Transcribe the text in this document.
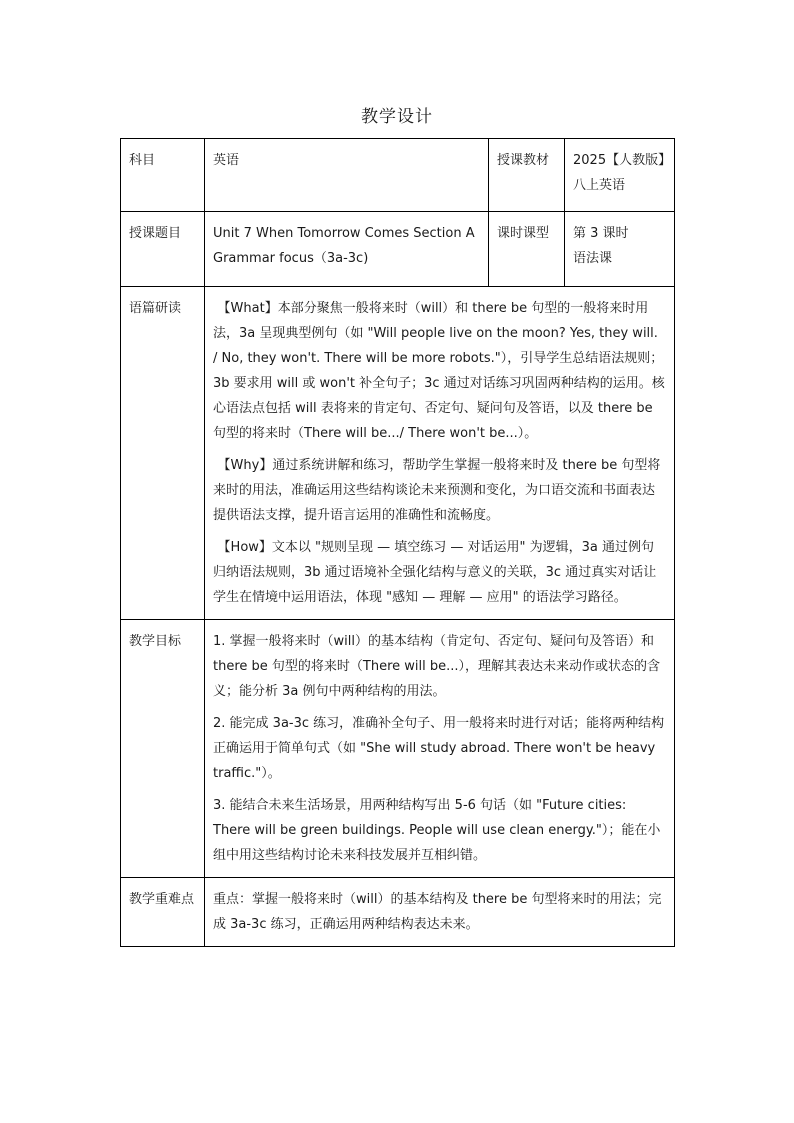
教学设计
科目	英语	授课教材	2025【人教版】八上英语
授课题目	Unit 7 When Tomorrow Comes Section A Grammar focus（3a-3c)	课时课型	第 3 课时
语法课

语篇研读	【What】本部分聚焦一般将来时（will）和 there be 句型的一般将来时用法，3a 呈现典型例句（如 "Will people live on the moon? Yes, they will. / No, they won't. There will be more robots."），引导学生总结语法规则；3b 要求用 will 或 won't 补全句子；3c 通过对话练习巩固两种结构的运用。核心语法点包括 will 表将来的肯定句、否定句、疑问句及答语，以及 there be 句型的将来时（There will be.../ There won't be...）。

【Why】通过系统讲解和练习，帮助学生掌握一般将来时及 there be 句型将来时的用法，准确运用这些结构谈论未来预测和变化，为口语交流和书面表达提供语法支撑，提升语言运用的准确性和流畅度。

【How】文本以 "规则呈现 — 填空练习 — 对话运用" 为逻辑，3a 通过例句归纳语法规则，3b 通过语境补全强化结构与意义的关联，3c 通过真实对话让学生在情境中运用语法，体现 "感知 — 理解 — 应用" 的语法学习路径。		

教学目标	1. 掌握一般将来时（will）的基本结构（肯定句、否定句、疑问句及答语）和 there be 句型的将来时（There will be...），理解其表达未来动作或状态的含义；能分析 3a 例句中两种结构的用法。

2. 能完成 3a-3c 练习，准确补全句子、用一般将来时进行对话；能将两种结构正确运用于简单句式（如 "She will study abroad. There won't be heavy traffic."）。

3. 能结合未来生活场景，用两种结构写出 5-6 句话（如 "Future cities: There will be green buildings. People will use clean energy."）；能在小组中用这些结构讨论未来科技发展并互相纠错。		

教学重难点	重点：掌握一般将来时（will）的基本结构及 there be 句型将来时的用法；完成 3a-3c 练习，正确运用两种结构表达未来。		
